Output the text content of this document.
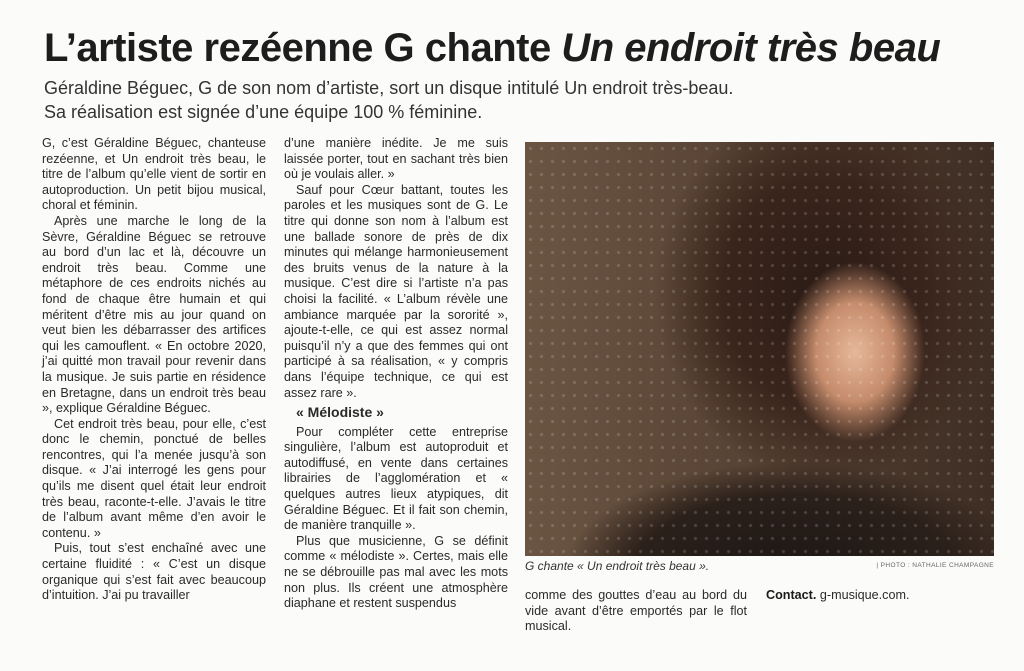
L’artiste rezéenne G chante Un endroit très beau
Géraldine Béguec, G de son nom d’artiste, sort un disque intitulé Un endroit très-beau.
Sa réalisation est signée d’une équipe 100 % féminine.

G, c’est Géraldine Béguec, chanteuse rezéenne, et Un endroit très beau, le titre de l’album qu’elle vient de sortir en autoproduction. Un petit bijou musical, choral et féminin.

Après une marche le long de la Sèvre, Géraldine Béguec se retrouve au bord d’un lac et là, découvre un endroit très beau. Comme une métaphore de ces endroits nichés au fond de chaque être humain et qui méritent d’être mis au jour quand on veut bien les débarrasser des artifices qui les camouflent. « En octobre 2020, j’ai quitté mon travail pour revenir dans la musique. Je suis partie en résidence en Bretagne, dans un endroit très beau », explique Géraldine Béguec.

Cet endroit très beau, pour elle, c’est donc le chemin, ponctué de belles rencontres, qui l’a menée jusqu’à son disque. « J’ai interrogé les gens pour qu’ils me disent quel était leur endroit très beau, raconte-t-elle. J’avais le titre de l’album avant même d’en avoir le contenu. »

Puis, tout s’est enchaîné avec une certaine fluidité : « C’est un disque organique qui s’est fait avec beaucoup d’intuition. J’ai pu travailler

d’une manière inédite. Je me suis laissée porter, tout en sachant très bien où je voulais aller. »

Sauf pour Cœur battant, toutes les paroles et les musiques sont de G. Le titre qui donne son nom à l’album est une ballade sonore de près de dix minutes qui mélange harmonieusement des bruits venus de la nature à la musique. C’est dire si l’artiste n’a pas choisi la facilité. « L’album révèle une ambiance marquée par la sororité », ajoute-t-elle, ce qui est assez normal puisqu’il n’y a que des femmes qui ont participé à sa réalisation, « y compris dans l’équipe technique, ce qui est assez rare ».

« Mélodiste »

Pour compléter cette entreprise singulière, l’album est autoproduit et autodiffusé, en vente dans certaines librairies de l’agglomération et « quelques autres lieux atypiques, dit Géraldine Béguec. Et il fait son chemin, de manière tranquille ».

Plus que musicienne, G se définit comme « mélodiste ». Certes, mais elle ne se débrouille pas mal avec les mots non plus. Ils créent une atmosphère diaphane et restent suspendus

G chante « Un endroit très beau ».	| PHOTO : NATHALIE CHAMPAGNE

comme des gouttes d’eau au bord du vide avant d’être emportés par le flot musical.

Contact. g-musique.com.
